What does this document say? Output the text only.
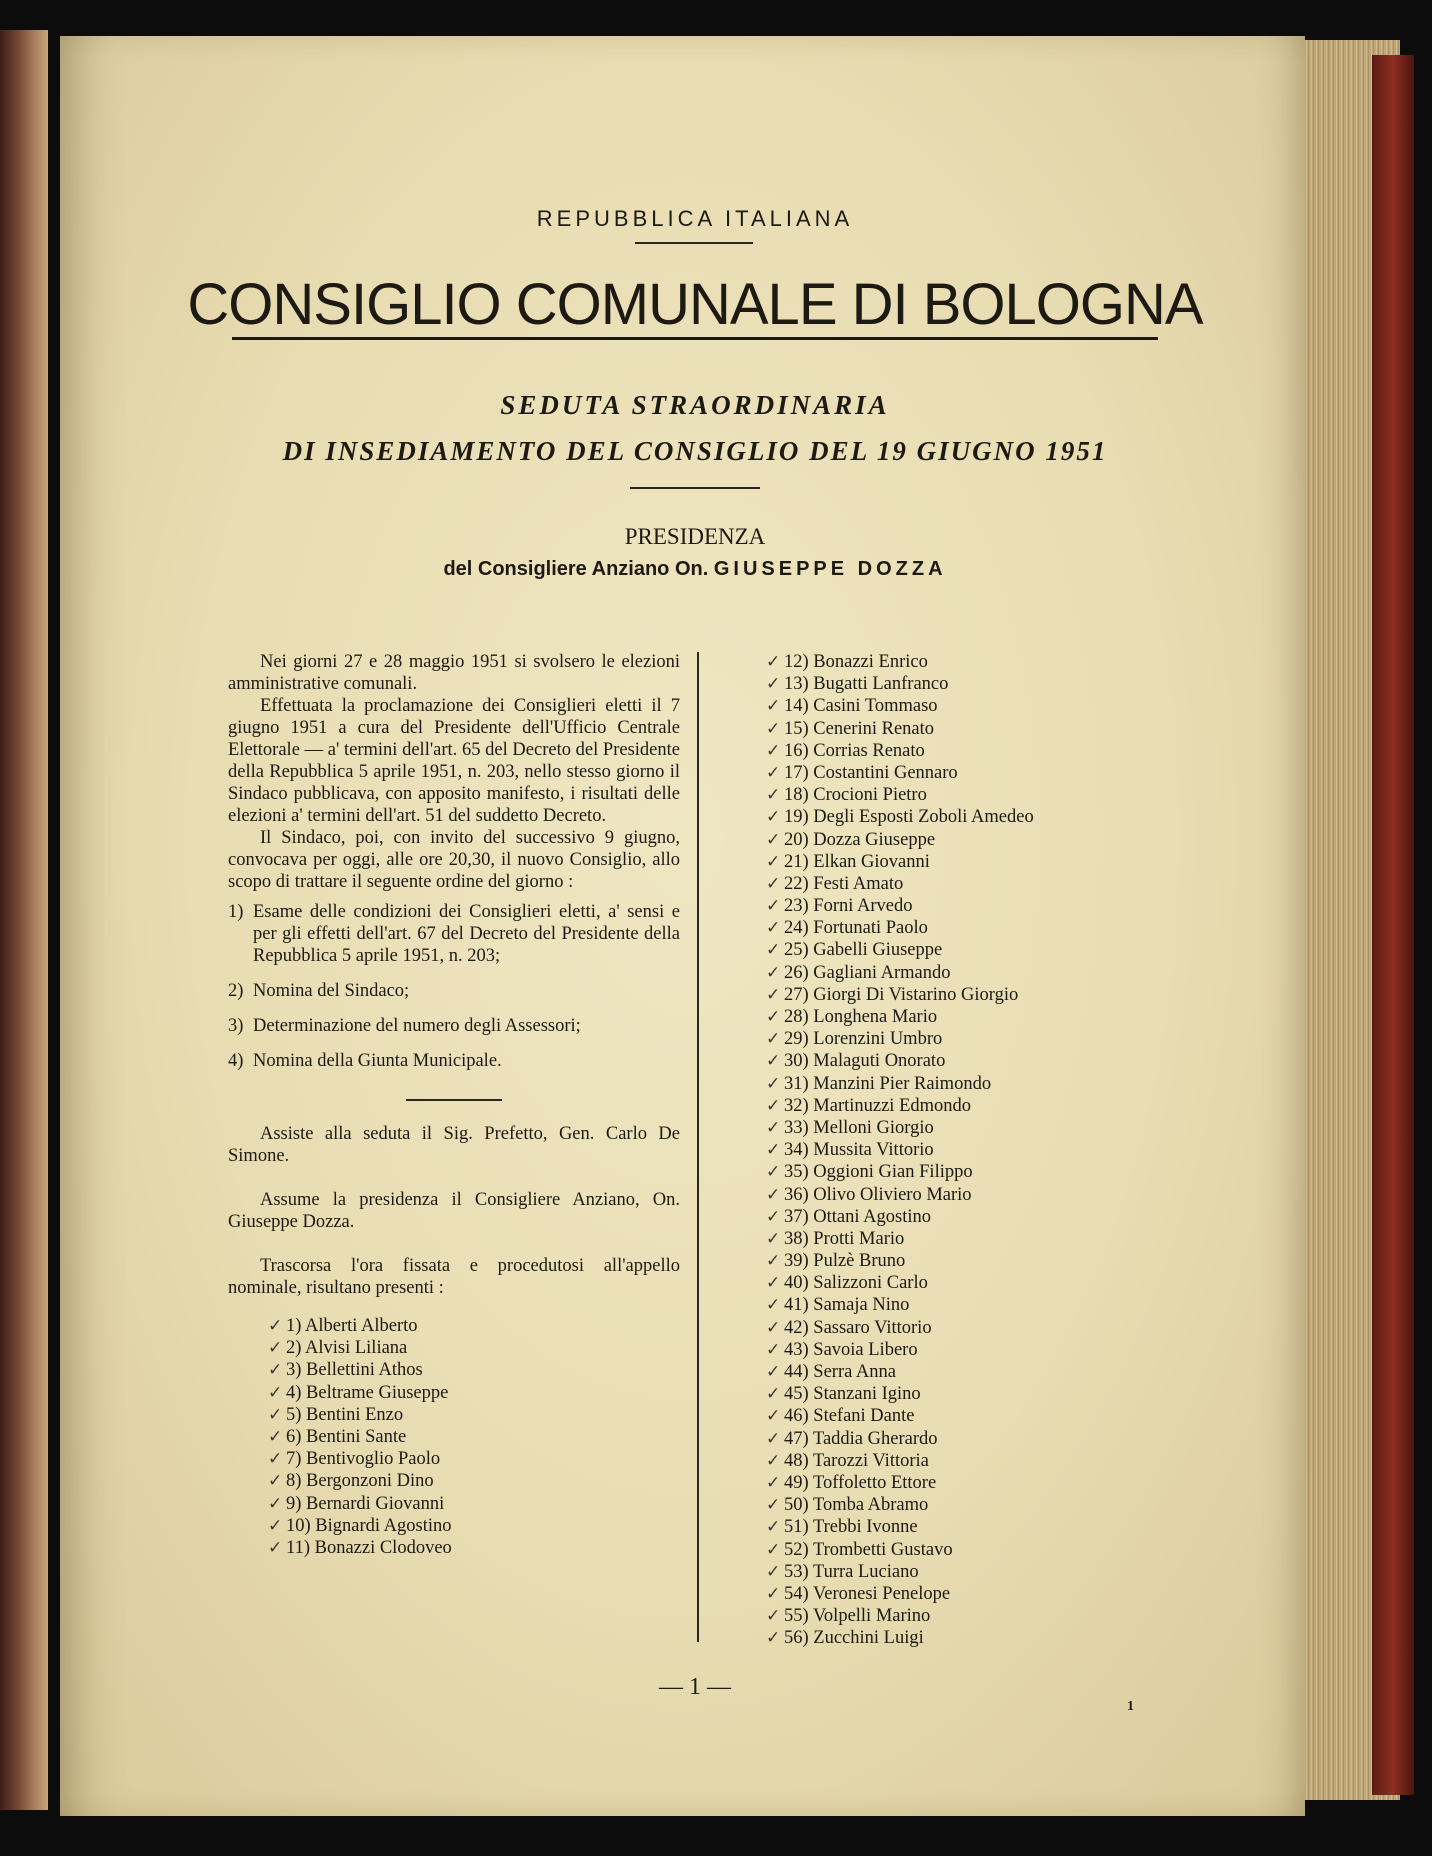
REPUBBLICA ITALIANA
CONSIGLIO COMUNALE DI BOLOGNA
SEDUTA STRAORDINARIA
DI INSEDIAMENTO DEL CONSIGLIO DEL 19 GIUGNO 1951
PRESIDENZA
del Consigliere Anziano On. GIUSEPPE DOZZA

Nei giorni 27 e 28 maggio 1951 si svolsero le elezioni amministrative comunali.

Effettuata la proclamazione dei Consiglieri eletti il 7 giugno 1951 a cura del Presidente dell'Ufficio Centrale Elettorale — a' termini dell'art. 65 del Decreto del Presidente della Repubblica 5 aprile 1951, n. 203, nello stesso giorno il Sindaco pubblicava, con apposito manifesto, i risultati delle elezioni a' termini dell'art. 51 del suddetto Decreto.

Il Sindaco, poi, con invito del successivo 9 giugno, convocava per oggi, alle ore 20,30, il nuovo Consiglio, allo scopo di trattare il seguente ordine del giorno :

1) Esame delle condizioni dei Consiglieri eletti, a' sensi e per gli effetti dell'art. 67 del Decreto del Presidente della Repubblica 5 aprile 1951, n. 203;
2) Nomina del Sindaco;
3) Determinazione del numero degli Assessori;
4) Nomina della Giunta Municipale.

Assiste alla seduta il Sig. Prefetto, Gen. Carlo De Simone.

Assume la presidenza il Consigliere Anziano, On. Giuseppe Dozza.

Trascorsa l'ora fissata e procedutosi all'appello nominale, risultano presenti :

✓ 1) Alberti Alberto
✓ 2) Alvisi Liliana
✓ 3) Bellettini Athos
✓ 4) Beltrame Giuseppe
✓ 5) Bentini Enzo
✓ 6) Bentini Sante
✓ 7) Bentivoglio Paolo
✓ 8) Bergonzoni Dino
✓ 9) Bernardi Giovanni
✓ 10) Bignardi Agostino
✓ 11) Bonazzi Clodoveo
✓ 12) Bonazzi Enrico
✓ 13) Bugatti Lanfranco
✓ 14) Casini Tommaso
✓ 15) Cenerini Renato
✓ 16) Corrias Renato
✓ 17) Costantini Gennaro
✓ 18) Crocioni Pietro
✓ 19) Degli Esposti Zoboli Amedeo
✓ 20) Dozza Giuseppe
✓ 21) Elkan Giovanni
✓ 22) Festi Amato
✓ 23) Forni Arvedo
✓ 24) Fortunati Paolo
✓ 25) Gabelli Giuseppe
✓ 26) Gagliani Armando
✓ 27) Giorgi Di Vistarino Giorgio
✓ 28) Longhena Mario
✓ 29) Lorenzini Umbro
✓ 30) Malaguti Onorato
✓ 31) Manzini Pier Raimondo
✓ 32) Martinuzzi Edmondo
✓ 33) Melloni Giorgio
✓ 34) Mussita Vittorio
✓ 35) Oggioni Gian Filippo
✓ 36) Olivo Oliviero Mario
✓ 37) Ottani Agostino
✓ 38) Protti Mario
✓ 39) Pulzè Bruno
✓ 40) Salizzoni Carlo
✓ 41) Samaja Nino
✓ 42) Sassaro Vittorio
✓ 43) Savoia Libero
✓ 44) Serra Anna
✓ 45) Stanzani Igino
✓ 46) Stefani Dante
✓ 47) Taddia Gherardo
✓ 48) Tarozzi Vittoria
✓ 49) Toffoletto Ettore
✓ 50) Tomba Abramo
✓ 51) Trebbi Ivonne
✓ 52) Trombetti Gustavo
✓ 53) Turra Luciano
✓ 54) Veronesi Penelope
✓ 55) Volpelli Marino
✓ 56) Zucchini Luigi
— 1 —
1
